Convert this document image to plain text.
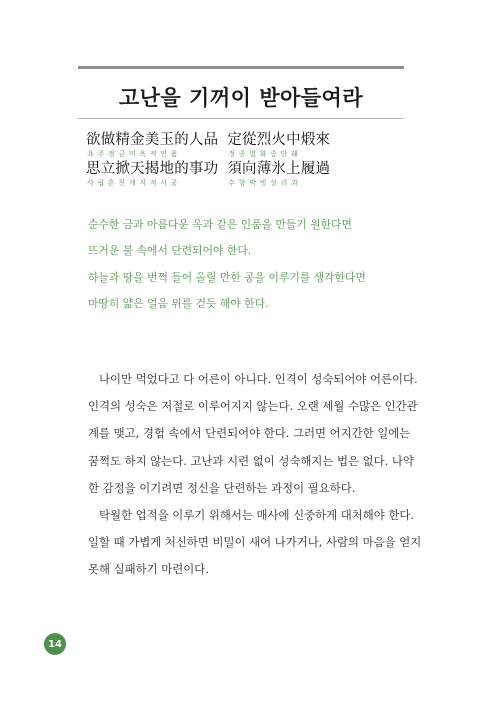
고난을 기꺼이 받아들여라
欲做精金美玉的人品
욕주정금미옥적인품
定從烈火中煅來
정종열화중단래
思立掀天揭地的事功
사립흔천게지적사공
須向薄氷上履過
수향박빙상리과
순수한 금과 아름다운 옥과 같은 인품을 만들기 원한다면
뜨거운 불 속에서 단련되어야 한다.
하늘과 땅을 번쩍 들어 올릴 만한 공을 이루기를 생각한다면
마땅히 얇은 얼음 위를 걷듯 해야 한다.
나이만 먹었다고 다 어른이 아니다. 인격이 성숙되어야 어른이다.
인격의 성숙은 저절로 이루어지지 않는다. 오랜 세월 수많은 인간관
계를 맺고, 경험 속에서 단련되어야 한다. 그러면 어지간한 일에는
꿈쩍도 하지 않는다. 고난과 시련 없이 성숙해지는 법은 없다. 나약
한 감정을 이기려면 정신을 단련하는 과정이 필요하다.
탁월한 업적을 이루기 위해서는 매사에 신중하게 대처해야 한다.
일할 때 가볍게 처신하면 비밀이 새어 나가거나, 사람의 마음을 얻지
못해 실패하기 마련이다.
14
